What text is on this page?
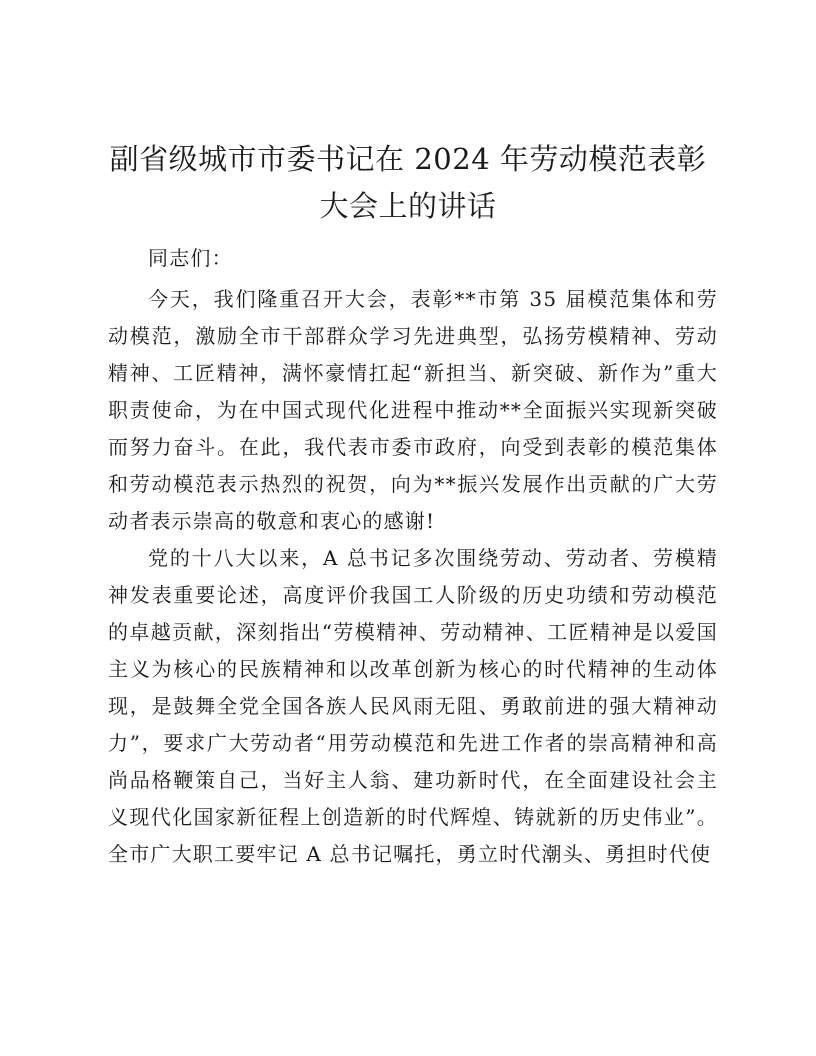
副省级城市市委书记在 2024 年劳动模范表彰
大会上的讲话

同志们：

今天，我们隆重召开大会，表彰**市第 35 届模范集体和劳动模范，激励全市干部群众学习先进典型，弘扬劳模精神、劳动精神、工匠精神，满怀豪情扛起“新担当、新突破、新作为”重大职责使命，为在中国式现代化进程中推动**全面振兴实现新突破而努力奋斗。在此，我代表市委市政府，向受到表彰的模范集体和劳动模范表示热烈的祝贺，向为**振兴发展作出贡献的广大劳动者表示崇高的敬意和衷心的感谢!

党的十八大以来，A 总书记多次围绕劳动、劳动者、劳模精神发表重要论述，高度评价我国工人阶级的历史功绩和劳动模范的卓越贡献，深刻指出“劳模精神、劳动精神、工匠精神是以爱国主义为核心的民族精神和以改革创新为核心的时代精神的生动体现，是鼓舞全党全国各族人民风雨无阻、勇敢前进的强大精神动力”，要求广大劳动者“用劳动模范和先进工作者的崇高精神和高尚品格鞭策自己，当好主人翁、建功新时代，在全面建设社会主义现代化国家新征程上创造新的时代辉煌、铸就新的历史伟业”。全市广大职工要牢记 A 总书记嘱托，勇立时代潮头、勇担时代使
